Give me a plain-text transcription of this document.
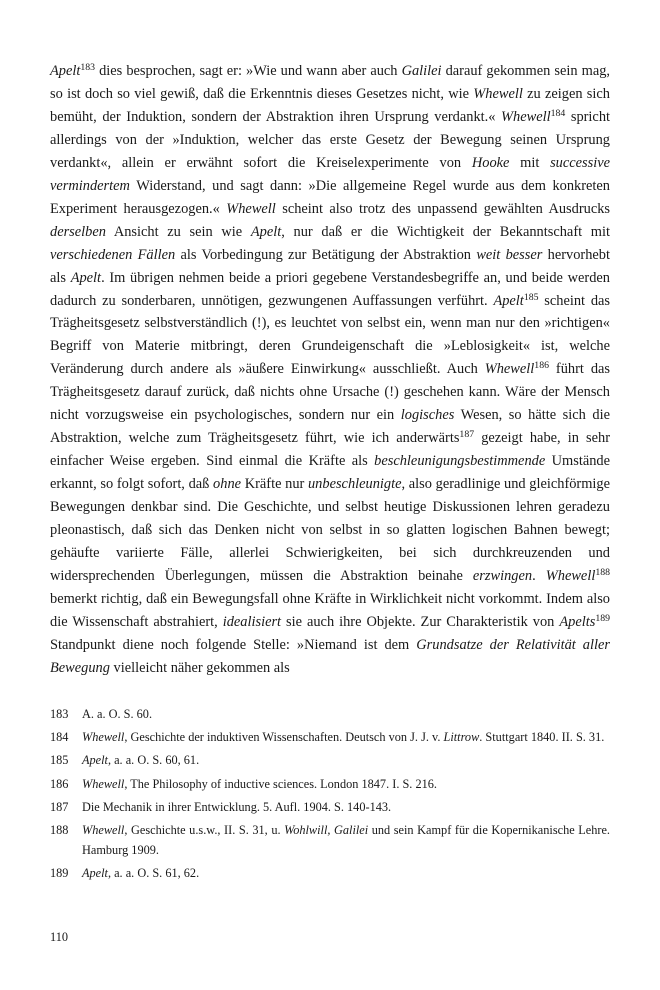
Apelt$^{183}$ dies besprochen, sagt er: »Wie und wann aber auch Galilei darauf gekommen sein mag, so ist doch so viel gewiß, daß die Erkenntnis dieses Gesetzes nicht, wie Whewell zu zeigen sich bemüht, der Induktion, sondern der Abstraktion ihren Ursprung verdankt.« Whewell$^{184}$ spricht allerdings von der »Induktion, welcher das erste Gesetz der Bewegung seinen Ursprung verdankt«, allein er erwähnt sofort die Kreiselexperimente von Hooke mit successive vermindertem Widerstand, und sagt dann: »Die allgemeine Regel wurde aus dem konkreten Experiment herausgezogen.« Whewell scheint also trotz des unpassend gewählten Ausdrucks derselben Ansicht zu sein wie Apelt, nur daß er die Wichtigkeit der Bekanntschaft mit verschiedenen Fällen als Vorbedingung zur Betätigung der Abstraktion weit besser hervorhebt als Apelt. Im übrigen nehmen beide a priori gegebene Verstandesbegriffe an, und beide werden dadurch zu sonderbaren, unnötigen, gezwungenen Auffassungen verführt. Apelt$^{185}$ scheint das Trägheitsgesetz selbstverständlich (!), es leuchtet von selbst ein, wenn man nur den »richtigen« Begriff von Materie mitbringt, deren Grundeigenschaft die »Leblosigkeit« ist, welche Veränderung durch andere als »äußere Einwirkung« ausschließt. Auch Whewell$^{186}$ führt das Trägheitsgesetz darauf zurück, daß nichts ohne Ursache (!) geschehen kann. Wäre der Mensch nicht vorzugsweise ein psychologisches, sondern nur ein logisches Wesen, so hätte sich die Abstraktion, welche zum Trägheitsgesetz führt, wie ich anderwärts$^{187}$ gezeigt habe, in sehr einfacher Weise ergeben. Sind einmal die Kräfte als beschleunigungsbestimmende Umstände erkannt, so folgt sofort, daß ohne Kräfte nur unbeschleunigte, also geradlinige und gleichförmige Bewegungen denkbar sind. Die Geschichte, und selbst heutige Diskussionen lehren geradezu pleonastisch, daß sich das Denken nicht von selbst in so glatten logischen Bahnen bewegt; gehäufte variierte Fälle, allerlei Schwierigkeiten, bei sich durchkreuzenden und widersprechenden Überlegungen, müssen die Abstraktion beinahe erzwingen. Whewell$^{188}$ bemerkt richtig, daß ein Bewegungsfall ohne Kräfte in Wirklichkeit nicht vorkommt. Indem also die Wissenschaft abstrahiert, idealisiert sie auch ihre Objekte. Zur Charakteristik von Apelts$^{189}$ Standpunkt diene noch folgende Stelle: »Niemand ist dem Grundsatze der Relativität aller Bewegung vielleicht näher gekommen als

183	A. a. O. S. 60.
184	Whewell, Geschichte der induktiven Wissenschaften. Deutsch von J. J. v. Littrow. Stuttgart 1840. II. S. 31.
185	Apelt, a. a. O. S. 60, 61.
186	Whewell, The Philosophy of inductive sciences. London 1847. I. S. 216.
187	Die Mechanik in ihrer Entwicklung. 5. Aufl. 1904. S. 140-143.
188	Whewell, Geschichte u.s.w., II. S. 31, u. Wohlwill, Galilei und sein Kampf für die Kopernikanische Lehre. Hamburg 1909.
189	Apelt, a. a. O. S. 61, 62.
110
